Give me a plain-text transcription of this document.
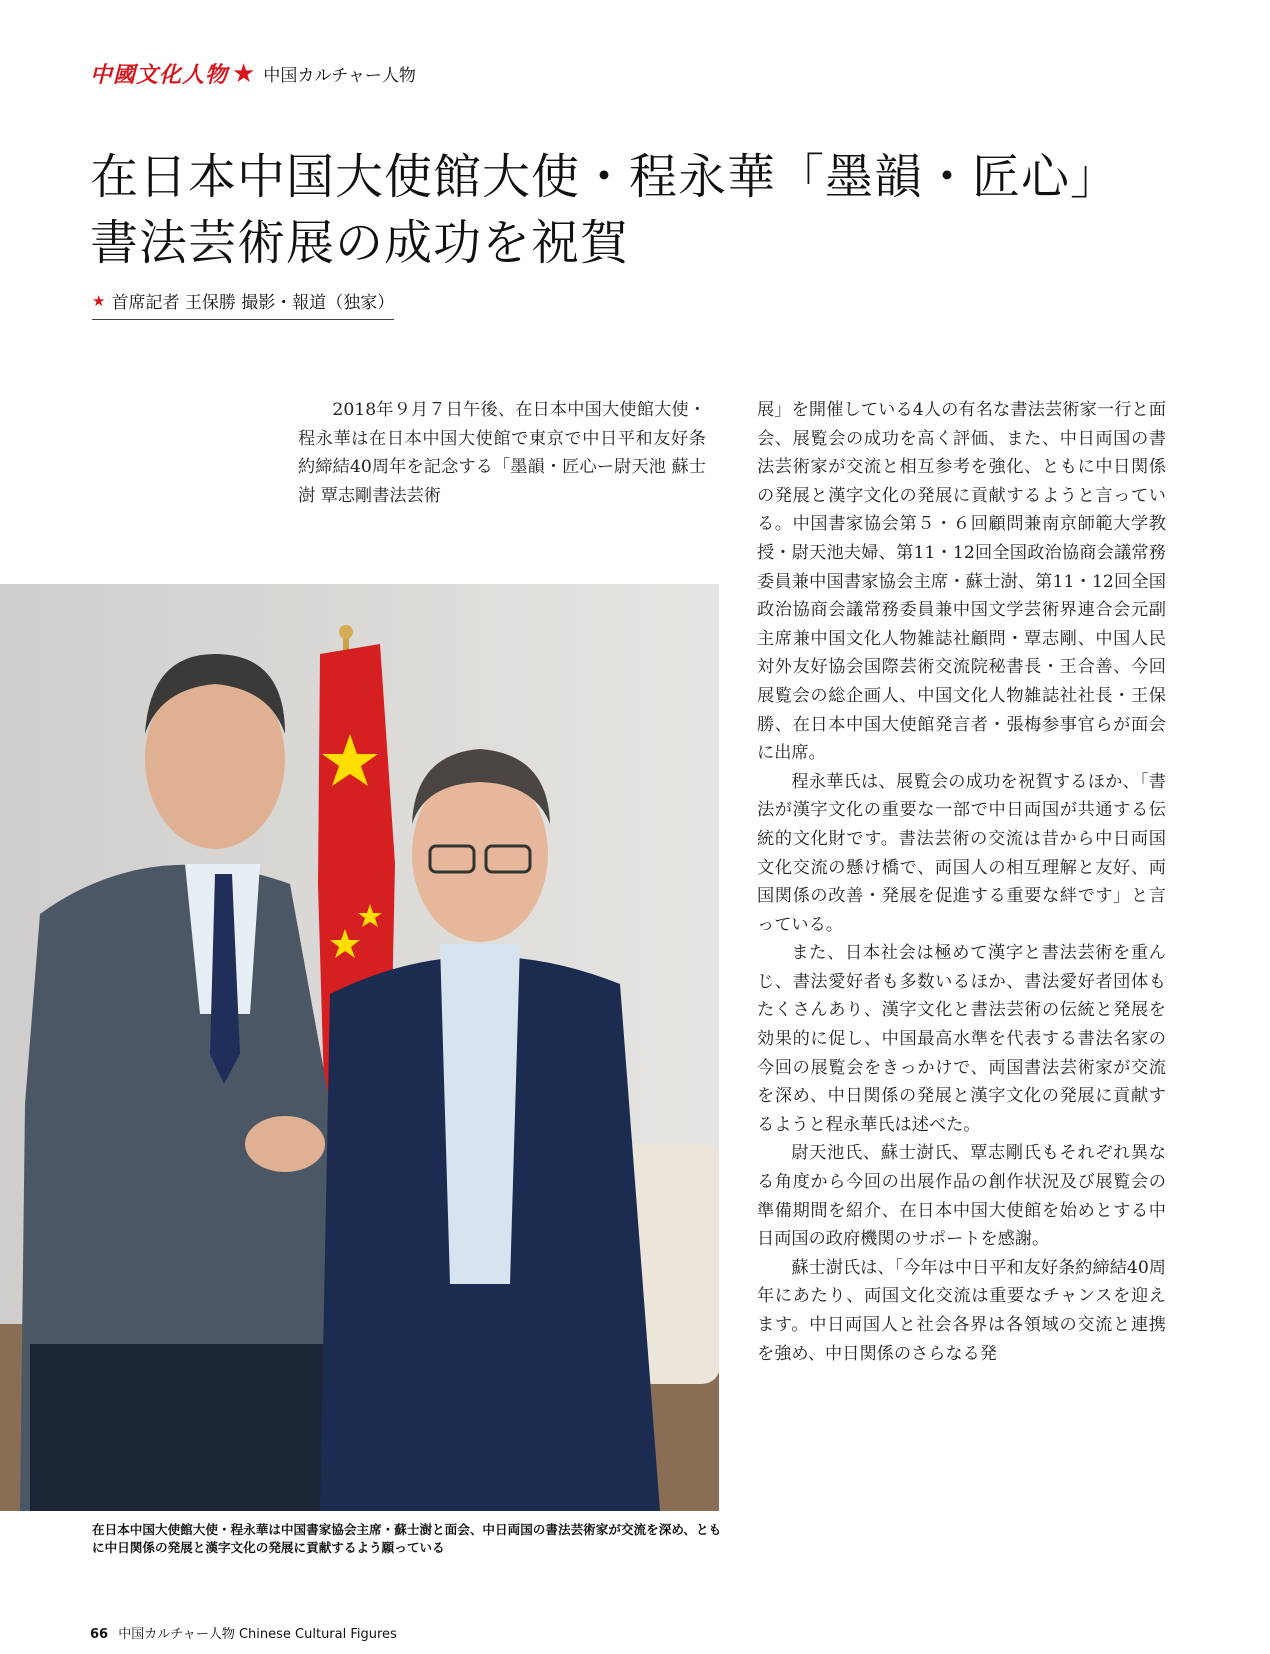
中國文化人物 ★ 中国カルチャー人物
在日本中国大使館大使・程永華「墨韻・匠心」
書法芸術展の成功を祝賀
★ 首席記者 王保勝 撮影・報道（独家）

2018年９月７日午後、在日本中国大使館大使・程永華は在日本中国大使館で東京で中日平和友好条約締結40周年を記念する「墨韻・匠心ー尉天池 蘇士澍 覃志剛書法芸術

展」を開催している4人の有名な書法芸術家一行と面会、展覧会の成功を高く評価、また、中日両国の書法芸術家が交流と相互参考を強化、ともに中日関係の発展と漢字文化の発展に貢献するようと言っている。中国書家協会第５・６回顧問兼南京師範大学教授・尉天池夫婦、第11・12回全国政治協商会議常務委員兼中国書家協会主席・蘇士澍、第11・12回全国政治協商会議常務委員兼中国文学芸術界連合会元副主席兼中国文化人物雑誌社顧問・覃志剛、中国人民対外友好協会国際芸術交流院秘書長・王合善、今回展覧会の総企画人、中国文化人物雑誌社社長・王保勝、在日本中国大使館発言者・張梅参事官らが面会に出席。

程永華氏は、展覧会の成功を祝賀するほか、「書法が漢字文化の重要な一部で中日両国が共通する伝統的文化財です。書法芸術の交流は昔から中日両国文化交流の懸け橋で、両国人の相互理解と友好、両国関係の改善・発展を促進する重要な絆です」と言っている。

また、日本社会は極めて漢字と書法芸術を重んじ、書法愛好者も多数いるほか、書法愛好者団体もたくさんあり、漢字文化と書法芸術の伝統と発展を効果的に促し、中国最高水準を代表する書法名家の今回の展覧会をきっかけで、両国書法芸術家が交流を深め、中日関係の発展と漢字文化の発展に貢献するようと程永華氏は述べた。

尉天池氏、蘇士澍氏、覃志剛氏もそれぞれ異なる角度から今回の出展作品の創作状況及び展覧会の準備期間を紹介、在日本中国大使館を始めとする中日両国の政府機関のサポートを感謝。

蘇士澍氏は、「今年は中日平和友好条約締結40周年にあたり、両国文化交流は重要なチャンスを迎えます。中日両国人と社会各界は各領域の交流と連携を強め、中日関係のさらなる発

在日本中国大使館大使・程永華は中国書家協会主席・蘇士澍と面会、中日両国の書法芸術家が交流を深め、ともに中日関係の発展と漢字文化の発展に貢献するよう願っている
66 中国カルチャー人物 Chinese Cultural Figures
